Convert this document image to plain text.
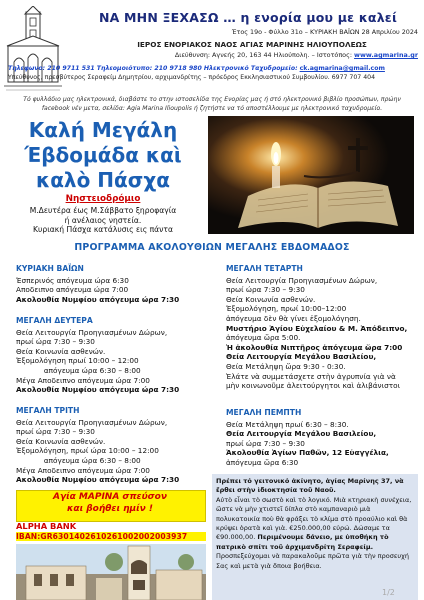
ΝΑ ΜΗΝ ΞΕΧΑΣΩ … η ενορία μου με καλεί
Έτος 19ο - Φύλλο 31ο – ΚΥΡΙΑΚΗ ΒΑΪΩΝ 28 Απριλίου 2024
ΙΕΡΟΣ ΕΝΟΡΙΑΚΟΣ ΝΑΟΣ ΑΓΙΑΣ ΜΑΡΙΝΗΣ ΗΛΙΟΥΠΟΛΕΩΣ
Διεύθυνση: Αγνεής 20, 163 44 Ηλιούπολη. – Ιστοτόπος: www.agmarina.gr
Τηλεφωνο: 210 9711 531 Τηλεομοιότυπο: 210 9718 980 Ηλεκτρονικό Ταχυδρομείο: ck.agmarina@gmail.com
Υπεύθυνος, πρεσβύτερος Σεραφείμ Δημητρίου, αρχιμανδρίτης – πρόεδρος Εκκλησιαστικού Συμβουλίου. 6977 707 404
Τό φυλλάδιο μας ηλεκτρονικά, διαβάστε το στην ιστοσελίδα της Ενορίας μας ή στό ηλεκτρονικό βιβλίο προσώπων, πρώην facebook νέν μετα, σελίδα: Agia Marina Ilioupolis ή ζητήστε να τό αποστέλλουμε με ηλεκτρονικό ταχυδρομείο.
Καλή Μεγάλη
Έβδομάδα καὶ
καλὸ Πάσχα
Νηστειοδρόμιο
Μ.Δευτέρα έως Μ.Σάββατο ξηροφαγία
ή ανέλαιος νηστεία.
Κυριακή Πάσχα κατάλυσις εις πάντα
ΠΡΟΓΡΑΜΜΑ ΑΚΟΛΟΥΘΙΩΝ ΜΕΓΑΛΗΣ ΕΒΔΟΜΑΔΟΣ
ΚΥΡΙΑΚΗ ΒΑΪΩΝ
Έσπερινός απόγευμα ώρα 6:30
Αποδειπνο απόγευμα ώρα 7:00
Ακολουθία Νυμφίου απόγευμα ώρα 7:30
ΜΕΓΑΛΗ ΔΕΥΤΕΡΑ
Θεία Λειτουργία Προηγιασμένων Δώρων,
πρωί ώρα 7:30 – 9:30
Θεία Κοινωνία ασθενών.
Έξομολόγηση πρωί 10:00 – 12:00
απόγευμα ώρα 6:30 – 8:00
Μέγα Αποδειπνο απόγευμα ώρα 7:00
Ακολουθία Νυμφίου απόγευμα ώρα 7:30
ΜΕΓΑΛΗ ΤΡΙΤΗ
Θεία Λειτουργία Προηγιασμένων Δώρων,
πρωί ώρα 7:30 – 9:30
Θεία Κοινωνία ασθενών.
Έξομολόγηση, πρωί ώρα 10:00 – 12:00
απόγευμα ώρα 6:30 – 8:00
Μέγα Αποδειπνο απόγευμα ώρα 7:00
Ακολουθία Νυμφίου απόγευμα ώρα 7:30
ΜΕΓΑΛΗ ΤΕΤΑΡΤΗ
Θεία Λειτουργία Προηγιασμένων Δώρων,
πρωί ώρα 7:30 – 9:30
Θεία Κοινωνία ασθενών.
Έξομολόγηση, πρωί 10:00–12:00
ἀπόγευμα δὲν θὰ γίνει ἐξομολόγηση.
Μυστήριο Ἁγίου Εὐχελαίου & Μ. Ἀπόδειπνο,
ἀπόγευμα ὥρα 5:00.
Ἡ ἀκολουθία Νιπτῆρος ἀπόγευμα ὥρα 7:00
Θεία Λειτουργία Μεγάλου Βασιλείου,
Θεία Μετάληψη ὥρα 9:30 - 0:30.
Ἐλάτε νὰ συμμετάσχετε στὴν ἀγρυπνία γιὰ νὰ
μὴν κοινωνοῦμε ἀλειτούργητοι καὶ ἀλιβάνιστοι
ΜΕΓΑΛΗ ΠΕΜΠΤΗ
Θεία Μετάληψη πρωί 6:30 – 8:30.
Θεία Λειτουργία Μεγάλου Βασιλείου,
πρωί ώρα 7:30 – 9:30
Ἀκολουθία Ἁγίων Παθῶν, 12 Εὐαγγέλια,
ἀπόγευμα ὥρα 6:30
Αγία ΜΑΡΙΝΑ σπεύσον
και βοήθει ημίν !
ALPHA BANK
IBAN:GR6301402610261002002003937
Πρέπει τό γειτονικό ἀκίνητο, ἁγίας Μαρίνης 37, νὰ ἔρθει στὴν ἰδιοκτησία τοῦ Ναοῦ.
Αὐτὸ εἶναι τὸ σωστὸ καὶ τὸ λογικό. Μιὰ κτηριακὴ συνέχεια, ὥστε νὰ μὴν χτιστεῖ δίπλα στὸ καμπαναριὸ μιὰ πολυκατοικία ποὺ θὰ φράξει τὸ κλίμα στὸ προαύλιο καὶ θὰ κρύψει ὁρατὰ καὶ γιὰ. €250.000,00 εὐρώ. Δώσαμε τα €90.000,00. Περιμένουμε δάνειο, με ὑποθήκη τὸ πατρικὸ σπίτι τοῦ ἀρχιμανδρίτη Σεραφείμ. Προσπεξεύχομαι νὰ παρακαλοῦμε πρῶτα γιὰ τὴν προσευχή Σας καὶ μετὰ γιὰ ὅποια βοήθεια.
1/2
